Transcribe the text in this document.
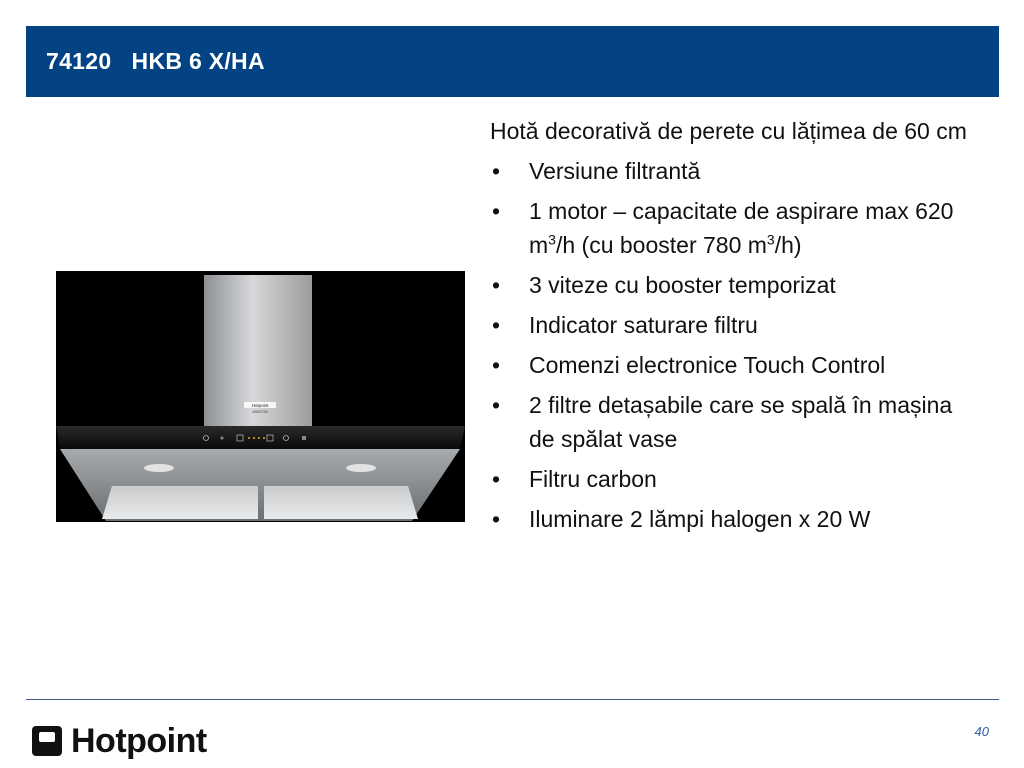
74120   HKB 6 X/HA
Hotpoint
ARISTON

Hotă decorativă de perete cu lățimea de 60 cm

• Versiune filtrantă
• 1 motor – capacitate de aspirare max 620 $m^3/h$ (cu booster 780 $m^3/h$)
• 3 viteze cu booster temporizat
• Indicator saturare filtru
• Comenzi electronice Touch Control
• 2 filtre detașabile care se spală în mașina de spălat vase
• Filtru carbon
• Iluminare 2 lămpi halogen x 20 W
Hotpoint	40
